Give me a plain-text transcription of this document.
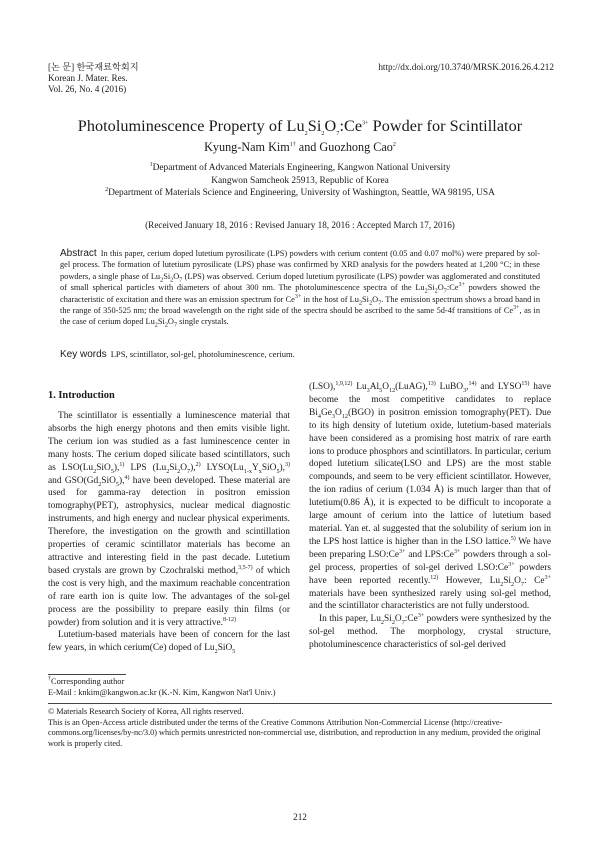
[논 문] 한국재료학회지
Korean J. Mater. Res.
Vol. 26, No. 4 (2016)
http://dx.doi.org/10.3740/MRSK.2016.26.4.212
Photoluminescence Property of $Lu_2Si_2O_7:Ce^{3+}$ Powder for Scintillator
Kyung-Nam Kim$^{1\dagger}$ and Guozhong Cao$^2$
$^1$Department of Advanced Materials Engineering, Kangwon National University
Kangwon Samcheok 25913, Republic of Korea
$^2$Department of Materials Science and Engineering, University of Washington, Seattle, WA 98195, USA
(Received January 18, 2016 : Revised January 18, 2016 : Accepted March 17, 2016)
Abstract In this paper, cerium doped lutetium pyrosilicate (LPS) powders with cerium content (0.05 and 0.07 mol%) were prepared by sol-gel process. The formation of lutetium pyrosilicate (LPS) phase was confirmed by XRD analysis for the powders heated at 1,200 °C; in these powders, a single phase of $Lu_2Si_2O_7$ (LPS) was observed. Cerium doped lutetium pyrosilicate (LPS) powder was agglomerated and constituted of small spherical particles with diameters of about 300 nm. The photoluminescence spectra of the $Lu_2Si_2O_7:Ce^{3+}$ powders showed the characteristic of excitation and there was an emission spectrum for $Ce^{3+}$ in the host of $Lu_2Si_2O_7$. The emission spectrum shows a broad band in the range of 350-525 nm; the broad wavelength on the right side of the spectra should be ascribed to the same 5d-4f transitions of $Ce^{3+}$, as in the case of cerium doped $Lu_2Si_2O_7$ single crystals.
Key words LPS, scintillator, sol-gel, photoluminescence, cerium.
1. Introduction

The scintillator is essentially a luminescence material that absorbs the high energy photons and then emits visible light. The cerium ion was studied as a fast luminescence center in many hosts. The cerium doped silicate based scintillators, such as $LSO(Lu_2SiO_5),^{1)}$ LPS $(Lu_2Si_2O_7),^{2)}$ $LYSO(Lu_{1-x}Y_xSiO_5),^{3)}$ and $GSO(Gd_2SiO_5),^{4)}$ have been developed. These material are used for gamma-ray detection in positron emission tomography(PET), astrophysics, nuclear medical diagnostic instruments, and high energy and nuclear physical experiments. Therefore, the investigation on the growth and scintillation properties of ceramic scintillator materials has become an attractive and interesting field in the past decade. Lutetium based crystals are grown by Czochralski method,$^{3,5-7)}$ of which the cost is very high, and the maximum reachable concentration of rare earth ion is quite low. The advantages of the sol-gel process are the possibility to prepare easily thin films (or powder) from solution and it is very attractive.$^{8-12)}$

Lutetium-based materials have been of concern for the last few years, in which cerium(Ce) doped of $Lu_2SiO_5$

(LSO),$^{1,9,12)}$ $Lu_3Al_5O_{12}(LuAG),^{13)}$ LuBO$_3$,$^{14)}$ and LYSO$^{15)}$ have become the most competitive candidates to replace $Bi_4Ge_3O_{12}(BGO)$ in positron emission tomography(PET). Due to its high density of lutetium oxide, lutetium-based materials have been considered as a promising host matrix of rare earth ions to produce phosphors and scintillators. In particular, cerium doped lutetium silicate(LSO and LPS) are the most stable compounds, and seem to be very efficient scintillator. However, the ion radius of cerium (1.034 Å) is much larger than that of lutetium(0.86 Å), it is expected to be difficult to incoporate a large amount of cerium into the lattice of lutetium based material. Yan et. al suggested that the solubility of serium ion in the LPS host lattice is higher than in the LSO lattice.$^{5)}$ We have been preparing $LSO:Ce^{3+}$ and $LPS:Ce^{3+}$ powders through a sol-gel process, properties of sol-gel derived $LSO:Ce^{3+}$ powders have been reported recently.$^{12)}$ However, $Lu_2Si_2O_7$: $Ce^{3+}$ materials have been synthesized rarely using sol-gel method, and the scintillator characteristics are not fully understood.

In this paper, $Lu_2Si_2O_7:Ce^{3+}$ powders were synthesized by the sol-gel method. The morphology, crystal structure, photoluminescence characteristics of sol-gel derived

†Corresponding author
E-Mail : knkim@kangwon.ac.kr (K.-N. Kim, Kangwon Nat'l Univ.)

© Materials Research Society of Korea, All rights reserved.

This is an Open-Access article distributed under the terms of the Creative Commons Attribution Non-Commercial License (http://creative-commons.org/licenses/by-nc/3.0) which permits unrestricted non-commercial use, distribution, and reproduction in any medium, provided the original work is properly cited.

212
